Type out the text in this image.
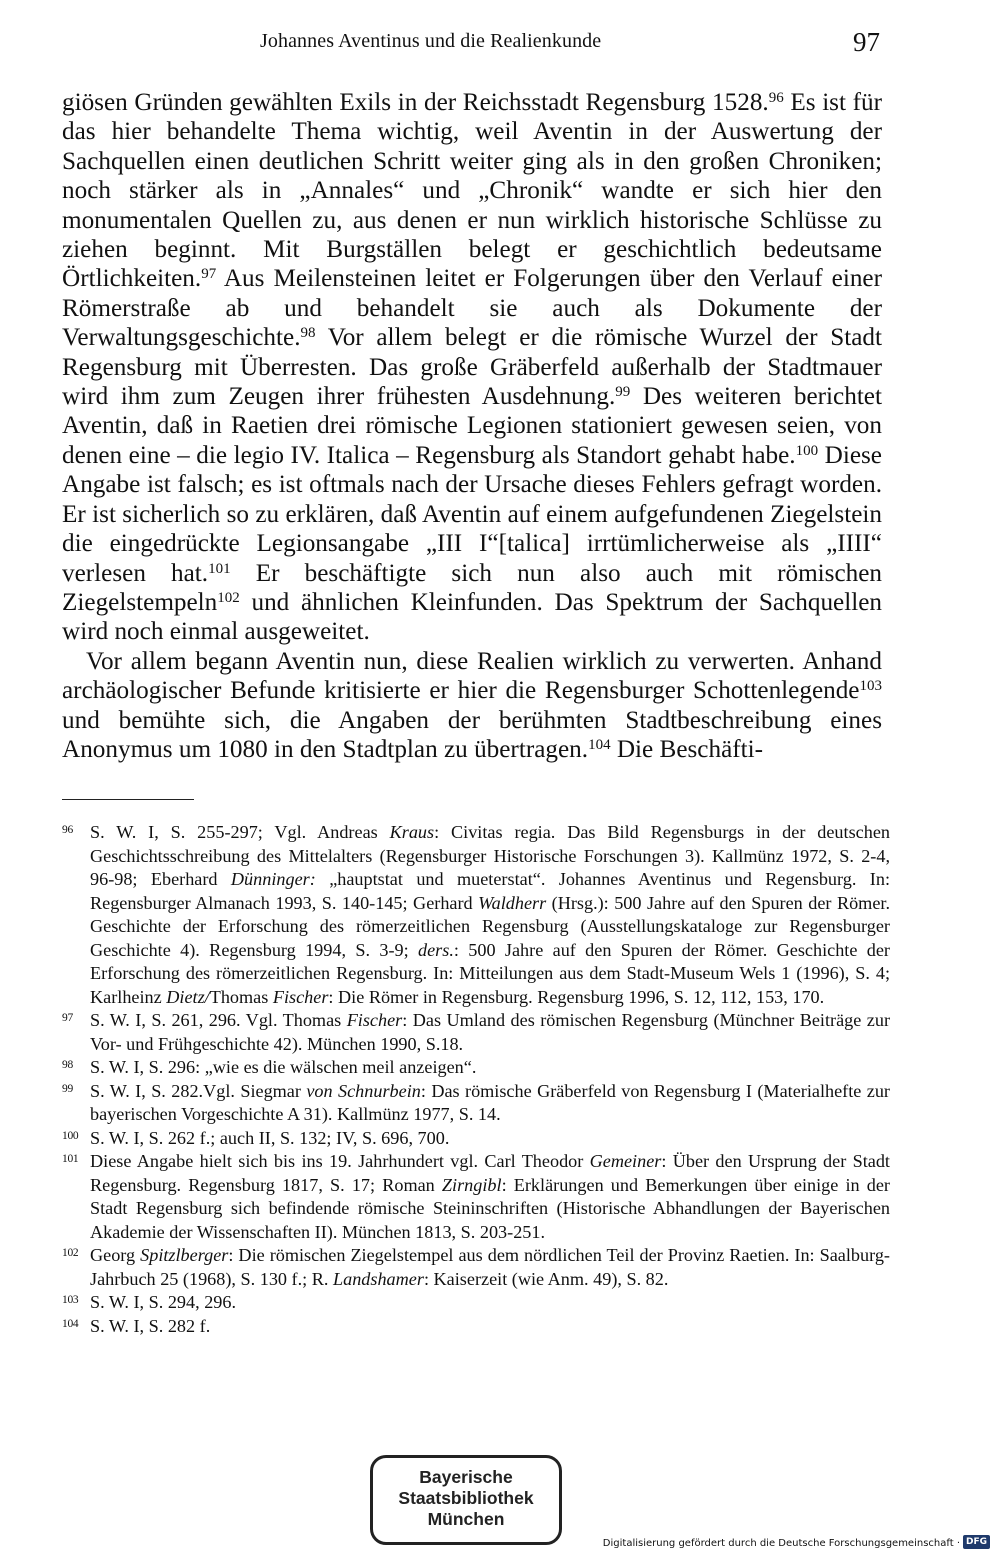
Johannes Aventinus und die Realienkunde	97

giösen Gründen gewählten Exils in der Reichsstadt Regensburg 1528.96 Es ist für das hier behandelte Thema wichtig, weil Aventin in der Auswertung der Sachquellen einen deutlichen Schritt weiter ging als in den großen Chroniken; noch stärker als in „Annales“ und „Chronik“ wandte er sich hier den monumentalen Quellen zu, aus denen er nun wirklich historische Schlüsse zu ziehen beginnt. Mit Burgställen belegt er geschichtlich bedeutsame Örtlichkeiten.$^{97}$ Aus Meilensteinen leitet er Folgerungen über den Verlauf einer Römerstraße ab und behandelt sie auch als Dokumente der Verwaltungsgeschichte.$^{98}$ Vor allem belegt er die römische Wurzel der Stadt Regensburg mit Überresten. Das große Gräberfeld außerhalb der Stadtmauer wird ihm zum Zeugen ihrer frühesten Ausdehnung.$^{99}$ Des weiteren berichtet Aventin, daß in Raetien drei römische Legionen stationiert gewesen seien, von denen eine – die legio IV. Italica – Regensburg als Standort gehabt habe.$^{100}$ Diese Angabe ist falsch; es ist oftmals nach der Ursache dieses Fehlers gefragt worden. Er ist sicherlich so zu erklären, daß Aventin auf einem aufgefundenen Ziegelstein die eingedrückte Legionsangabe „III I“[talica] irrtümlicherweise als „IIII“ verlesen hat.$^{101}$ Er beschäftigte sich nun also auch mit römischen Ziegelstempeln$^{102}$ und ähnlichen Kleinfunden. Das Spektrum der Sachquellen wird noch einmal ausgeweitet.

Vor allem begann Aventin nun, diese Realien wirklich zu verwerten. Anhand archäologischer Befunde kritisierte er hier die Regensburger Schottenlegende$^{103}$ und bemühte sich, die Angaben der berühmten Stadtbeschreibung eines Anonymus um 1080 in den Stadtplan zu übertragen.$^{104}$ Die Beschäfti-

96 S. W. I, S. 255-297; Vgl. Andreas Kraus: Civitas regia. Das Bild Regensburgs in der deutschen Geschichtsschreibung des Mittelalters (Regensburger Historische Forschungen 3). Kallmünz 1972, S. 2-4, 96-98; Eberhard Dünninger: „hauptstat und mueterstat“. Johannes Aventinus und Regensburg. In: Regensburger Almanach 1993, S. 140-145; Gerhard Waldherr (Hrsg.): 500 Jahre auf den Spuren der Römer. Geschichte der Erforschung des römerzeitlichen Regensburg (Ausstellungskataloge zur Regensburger Geschichte 4). Regensburg 1994, S. 3-9; ders.: 500 Jahre auf den Spuren der Römer. Geschichte der Erforschung des römerzeitlichen Regensburg. In: Mitteilungen aus dem Stadt-Museum Wels 1 (1996), S. 4; Karlheinz Dietz/Thomas Fischer: Die Römer in Regensburg. Regensburg 1996, S. 12, 112, 153, 170.
97 S. W. I, S. 261, 296. Vgl. Thomas Fischer: Das Umland des römischen Regensburg (Münchner Beiträge zur Vor- und Frühgeschichte 42). München 1990, S.18.
98 S. W. I, S. 296: „wie es die wälschen meil anzeigen“.
99 S. W. I, S. 282.Vgl. Siegmar von Schnurbein: Das römische Gräberfeld von Regensburg I (Materialhefte zur bayerischen Vorgeschichte A 31). Kallmünz 1977, S. 14.
100 S. W. I, S. 262 f.; auch II, S. 132; IV, S. 696, 700.
101 Diese Angabe hielt sich bis ins 19. Jahrhundert vgl. Carl Theodor Gemeiner: Über den Ursprung der Stadt Regensburg. Regensburg 1817, S. 17; Roman Zirngibl: Erklärungen und Bemerkungen über einige in der Stadt Regensburg sich befindende römische Steininschriften (Historische Abhandlungen der Bayerischen Akademie der Wissenschaften II). München 1813, S. 203-251.
102 Georg Spitzlberger: Die römischen Ziegelstempel aus dem nördlichen Teil der Provinz Raetien. In: Saalburg-Jahrbuch 25 (1968), S. 130 f.; R. Landshamer: Kaiserzeit (wie Anm. 49), S. 82.
103 S. W. I, S. 294, 296.
104 S. W. I, S. 282 f.
Bayerische
Staatsbibliothek
München
Digitalisierung gefördert durch die Deutsche Forschungsgemeinschaft · DFG
